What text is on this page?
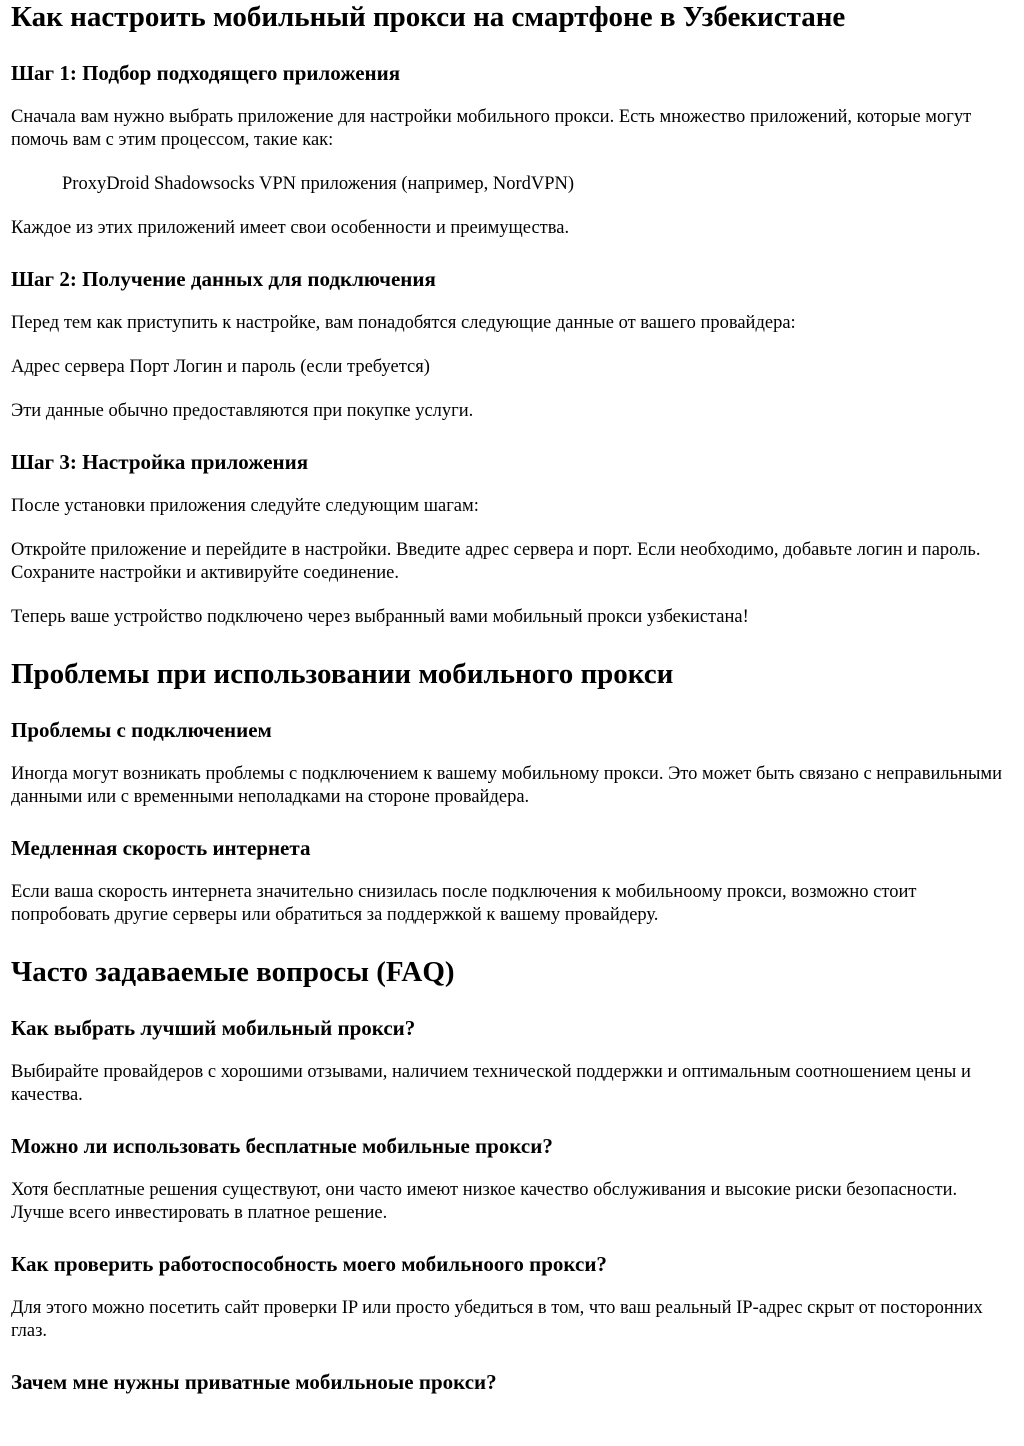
Как настроить мобильный прокси на смартфоне в Узбекистане
Шаг 1: Подбор подходящего приложения

Сначала вам нужно выбрать приложение для настройки мобильного прокси. Есть множество приложений, которые могут помочь вам с этим процессом, такие как:

ProxyDroid Shadowsocks VPN приложения (например, NordVPN)

Каждое из этих приложений имеет свои особенности и преимущества.

Шаг 2: Получение данных для подключения

Перед тем как приступить к настройке, вам понадобятся следующие данные от вашего провайдера:

Адрес сервера Порт Логин и пароль (если требуется)

Эти данные обычно предоставляются при покупке услуги.

Шаг 3: Настройка приложения

После установки приложения следуйте следующим шагам:

Откройте приложение и перейдите в настройки. Введите адрес сервера и порт. Если необходимо, добавьте логин и пароль. Сохраните настройки и активируйте соединение.

Теперь ваше устройство подключено через выбранный вами мобильный прокси узбекистана!

Проблемы при использовании мобильного прокси
Проблемы с подключением

Иногда могут возникать проблемы с подключением к вашему мобильному прокси. Это может быть связано с неправильными данными или с временными неполадками на стороне провайдера.

Медленная скорость интернета

Если ваша скорость интернета значительно снизилась после подключения к мобильноому прокси, возможно стоит попробовать другие серверы или обратиться за поддержкой к вашему провайдеру.

Часто задаваемые вопросы (FAQ)
Как выбрать лучший мобильный прокси?

Выбирайте провайдеров с хорошими отзывами, наличием технической поддержки и оптимальным соотношением цены и качества.

Можно ли использовать бесплатные мобильные прокси?

Хотя бесплатные решения существуют, они часто имеют низкое качество обслуживания и высокие риски безопасности. Лучше всего инвестировать в платное решение.

Как проверить работоспособность моего мобильноого прокси?

Для этого можно посетить сайт проверки IP или просто убедиться в том, что ваш реальный IP-адрес скрыт от посторонних глаз.

Зачем мне нужны приватные мобильноые прокси?
